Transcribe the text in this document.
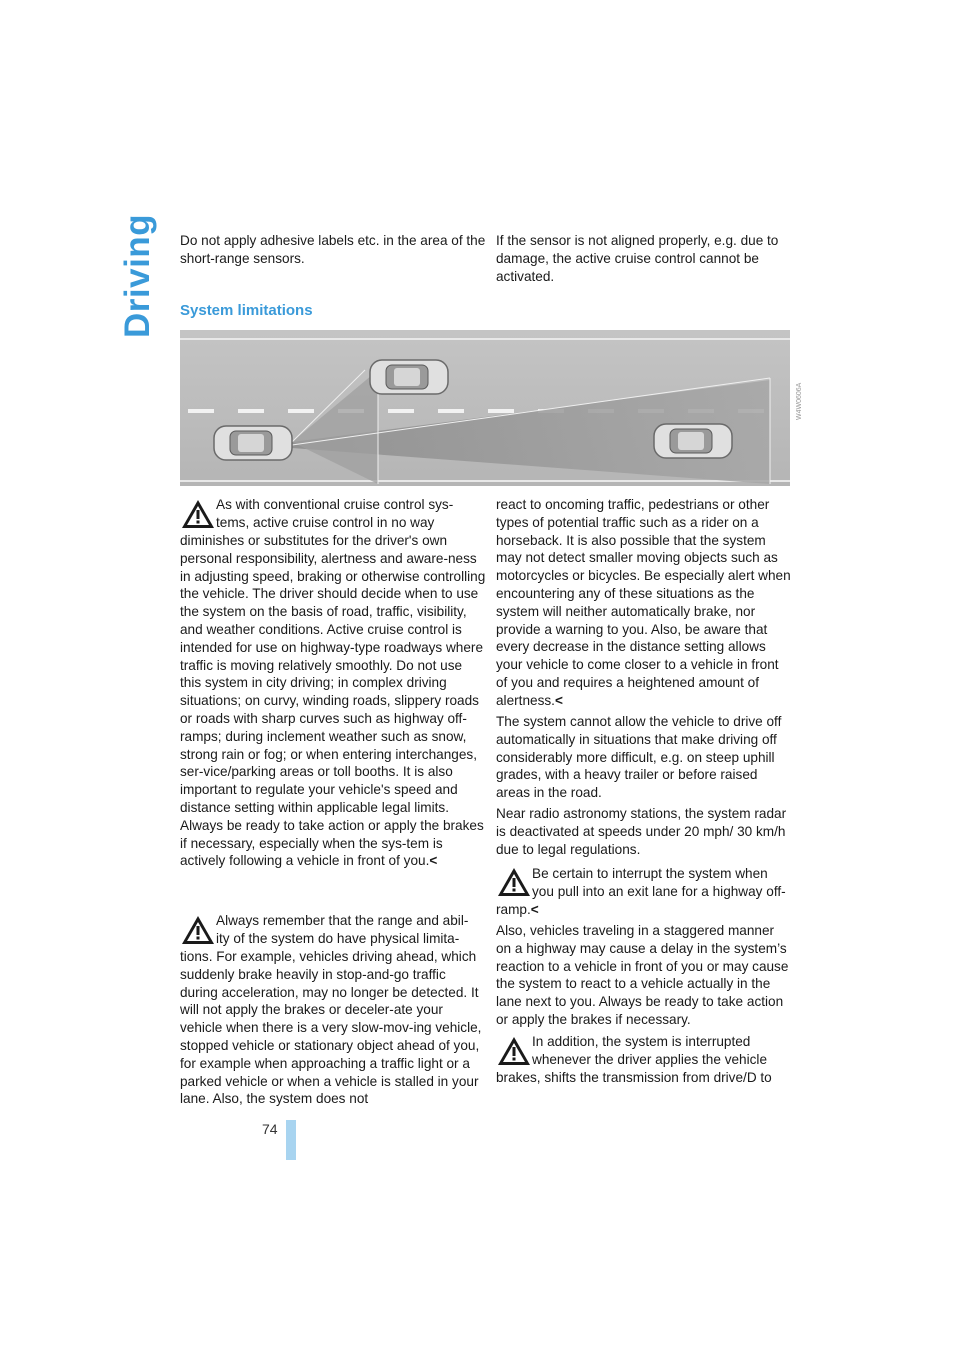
Driving
74

Do not apply adhesive labels etc. in the area of the short-range sensors.

If the sensor is not aligned properly, e.g. due to damage, the active cruise control cannot be activated.

System limitations
W4W0606A
As with conventional cruise control sys-
tems, active cruise control in no way

diminishes or substitutes for the driver's own personal responsibility, alertness and aware-ness in adjusting speed, braking or otherwise controlling the vehicle. The driver should decide when to use the system on the basis of road, traffic, visibility, and weather conditions. Active cruise control is intended for use on highway-type roadways where traffic is moving relatively smoothly. Do not use this system in city driving; in complex driving situations; on curvy, winding roads, slippery roads or roads with sharp curves such as highway off-ramps; during inclement weather such as snow, strong rain or fog; or when entering interchanges, ser-vice/parking areas or toll booths. It is also important to regulate your vehicle's speed and distance setting within applicable legal limits. Always be ready to take action or apply the brakes if necessary, especially when the sys-tem is actively following a vehicle in front of you.<

Always remember that the range and abil-
ity of the system do have physical limita-

tions. For example, vehicles driving ahead, which suddenly brake heavily in stop-and-go traffic during acceleration, may no longer be detected. It will not apply the brakes or deceler-ate your vehicle when there is a very slow-mov-ing vehicle, stopped vehicle or stationary object ahead of you, for example when approaching a traffic light or a parked vehicle or when a vehicle is stalled in your lane. Also, the system does not

react to oncoming traffic, pedestrians or other types of potential traffic such as a rider on a horseback. It is also possible that the system may not detect smaller moving objects such as motorcycles or bicycles. Be especially alert when encountering any of these situations as the system will neither automatically brake, nor provide a warning to you. Also, be aware that every decrease in the distance setting allows your vehicle to come closer to a vehicle in front of you and requires a heightened amount of alertness.<

The system cannot allow the vehicle to drive off automatically in situations that make driving off considerably more difficult, e.g. on steep uphill grades, with a heavy trailer or before raised areas in the road.

Near radio astronomy stations, the system radar is deactivated at speeds under 20 mph/ 30 km/h due to legal regulations.

Be certain to interrupt the system when
you pull into an exit lane for a highway off-

ramp.<

Also, vehicles traveling in a staggered manner on a highway may cause a delay in the system’s reaction to a vehicle in front of you or may cause the system to react to a vehicle actually in the lane next to you. Always be ready to take action or apply the brakes if necessary.

In addition, the system is interrupted
whenever the driver applies the vehicle

brakes, shifts the transmission from drive/D to
